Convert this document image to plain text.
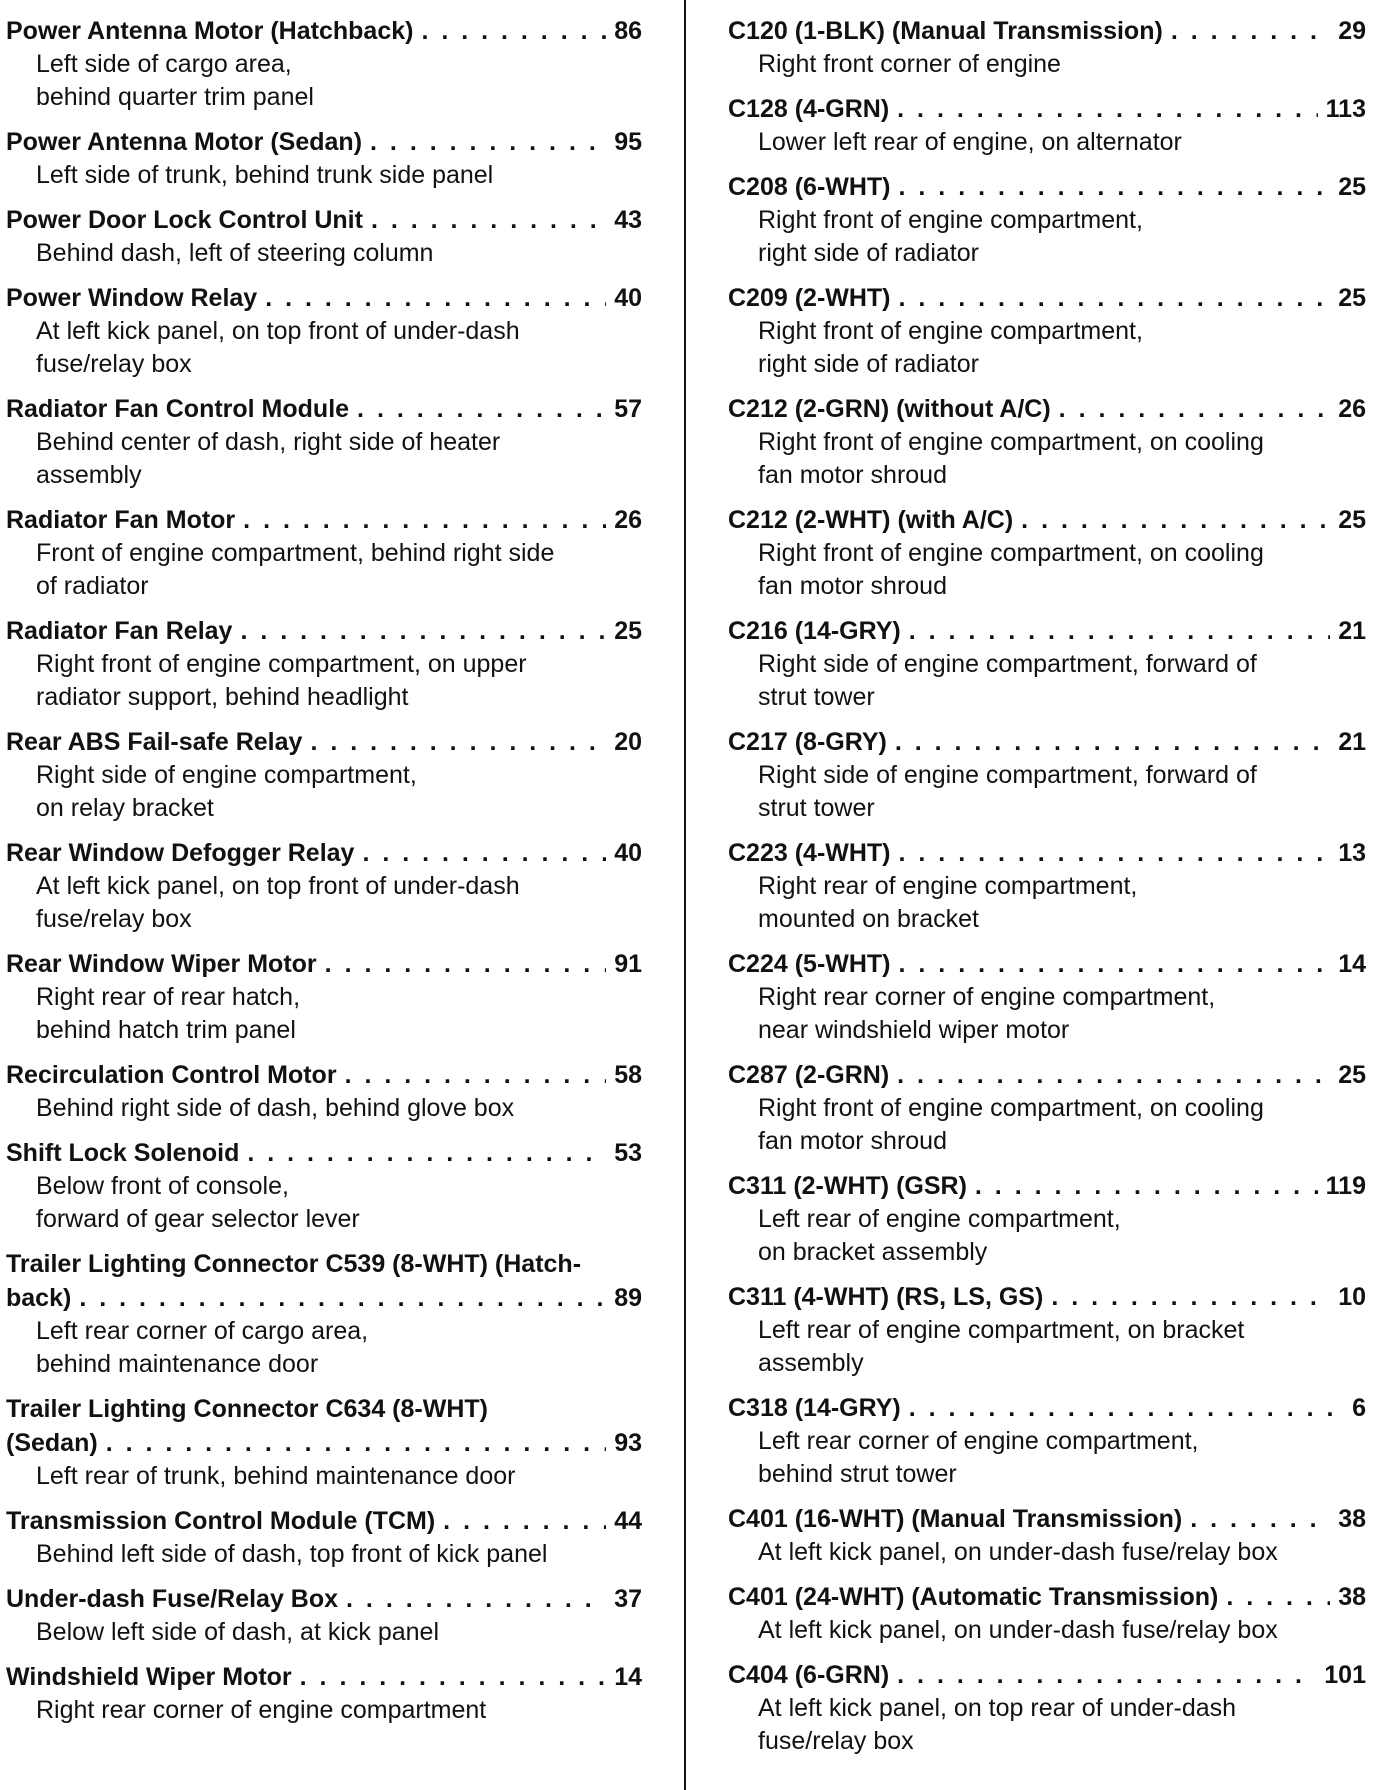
Power Antenna Motor (Hatchback) . . .	86
Left side of cargo area,
behind quarter trim panel
Power Antenna Motor (Sedan) . . .	95
Left side of trunk, behind trunk side panel
Power Door Lock Control Unit . . .	43
Behind dash, left of steering column
Power Window Relay . . .	40
At left kick panel, on top front of under-dash
fuse/relay box
Radiator Fan Control Module . . .	57
Behind center of dash, right side of heater
assembly
Radiator Fan Motor . . .	26
Front of engine compartment, behind right side
of radiator
Radiator Fan Relay . . .	25
Right front of engine compartment, on upper
radiator support, behind headlight
Rear ABS Fail-safe Relay . . .	20
Right side of engine compartment,
on relay bracket
Rear Window Defogger Relay . . .	40
At left kick panel, on top front of under-dash
fuse/relay box
Rear Window Wiper Motor . . .	91
Right rear of rear hatch,
behind hatch trim panel
Recirculation Control Motor . . .	58
Behind right side of dash, behind glove box
Shift Lock Solenoid . . .	53
Below front of console,
forward of gear selector lever
Trailer Lighting Connector C539 (8-WHT) (Hatch-
back) . . .	89
Left rear corner of cargo area,
behind maintenance door
Trailer Lighting Connector C634 (8-WHT)
(Sedan) . . .	93
Left rear of trunk, behind maintenance door
Transmission Control Module (TCM) . . .	44
Behind left side of dash, top front of kick panel
Under-dash Fuse/Relay Box . . .	37
Below left side of dash, at kick panel
Windshield Wiper Motor . . .	14
Right rear corner of engine compartment
C120 (1-BLK) (Manual Transmission) . . .	29
Right front corner of engine
C128 (4-GRN) . . .	113
Lower left rear of engine, on alternator
C208 (6-WHT) . . .	25
Right front of engine compartment,
right side of radiator
C209 (2-WHT) . . .	25
Right front of engine compartment,
right side of radiator
C212 (2-GRN) (without A/C) . . .	26
Right front of engine compartment, on cooling
fan motor shroud
C212 (2-WHT) (with A/C) . . .	25
Right front of engine compartment, on cooling
fan motor shroud
C216 (14-GRY) . . .	21
Right side of engine compartment, forward of
strut tower
C217 (8-GRY) . . .	21
Right side of engine compartment, forward of
strut tower
C223 (4-WHT) . . .	13
Right rear of engine compartment,
mounted on bracket
C224 (5-WHT) . . .	14
Right rear corner of engine compartment,
near windshield wiper motor
C287 (2-GRN) . . .	25
Right front of engine compartment, on cooling
fan motor shroud
C311 (2-WHT) (GSR) . . .	119
Left rear of engine compartment,
on bracket assembly
C311 (4-WHT) (RS, LS, GS) . . .	10
Left rear of engine compartment, on bracket
assembly
C318 (14-GRY) . . .	6
Left rear corner of engine compartment,
behind strut tower
C401 (16-WHT) (Manual Transmission) . . .	38
At left kick panel, on under-dash fuse/relay box
C401 (24-WHT) (Automatic Transmission) . . .	38
At left kick panel, on under-dash fuse/relay box
C404 (6-GRN) . . .	101
At left kick panel, on top rear of under-dash
fuse/relay box
